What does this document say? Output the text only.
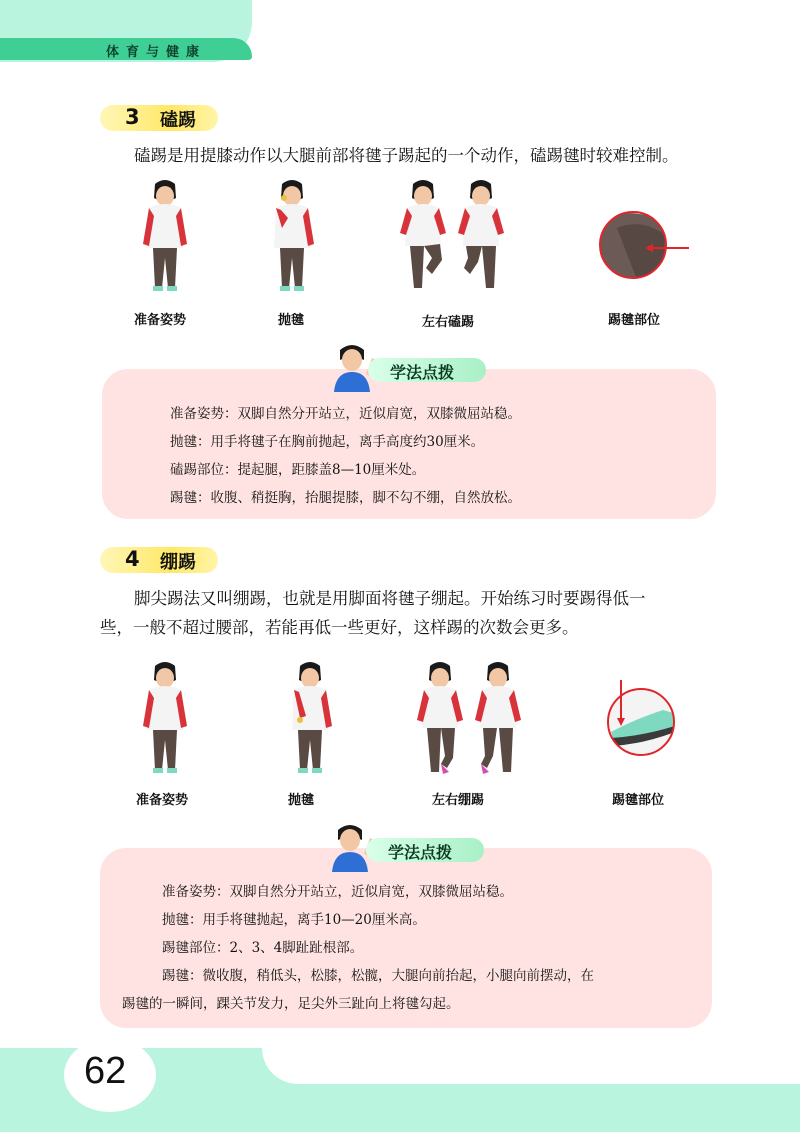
体育与健康
3 磕踢
磕踢是用提膝动作以大腿前部将毽子踢起的一个动作，磕踢毽时较难控制。
准备姿势	抛毽	左右磕踢	踢毽部位
学法点拨
准备姿势：双脚自然分开站立，近似肩宽，双膝微屈站稳。
抛毽：用手将毽子在胸前抛起，离手高度约30厘米。
磕踢部位：提起腿，距膝盖8—10厘米处。
踢毽：收腹、稍挺胸，抬腿提膝，脚不勾不绷，自然放松。
4 绷踢
脚尖踢法又叫绷踢，也就是用脚面将毽子绷起。开始练习时要踢得低一
些，一般不超过腰部，若能再低一些更好，这样踢的次数会更多。
准备姿势	抛毽	左右绷踢	踢毽部位
学法点拨
准备姿势：双脚自然分开站立，近似肩宽，双膝微屈站稳。
抛毽：用手将毽抛起，离手10—20厘米高。
踢毽部位：2、3、4脚趾趾根部。
踢毽：微收腹，稍低头，松膝，松髋，大腿向前抬起，小腿向前摆动，在
踢毽的一瞬间，踝关节发力，足尖外三趾向上将毽勾起。
62
